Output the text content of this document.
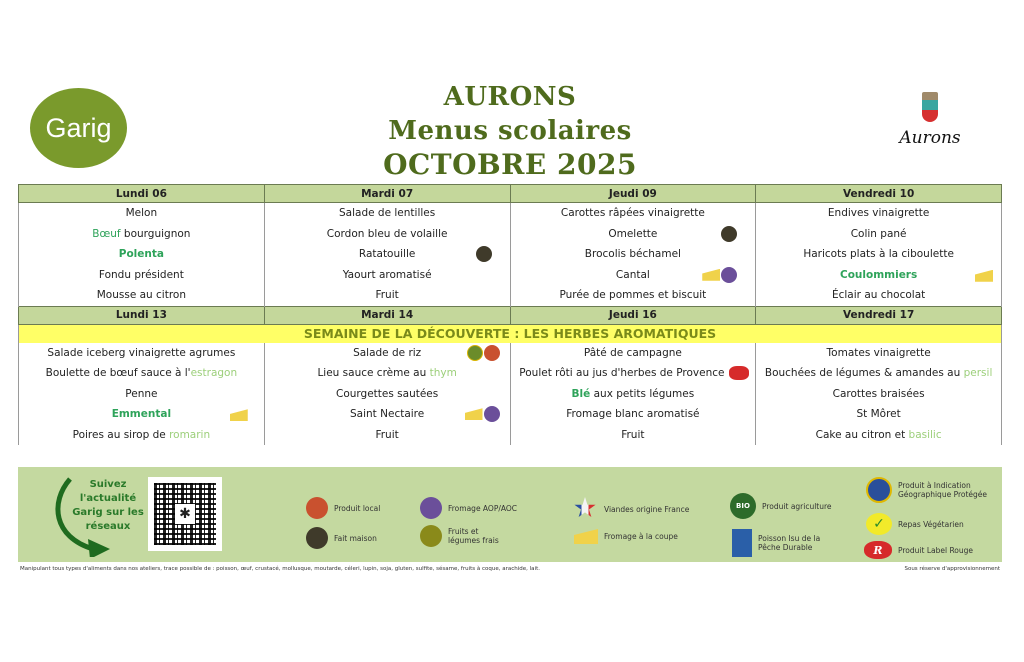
Garig
AURONS
Menus scolaires
OCTOBRE 2025
Aurons
Lundi 06	Mardi 07	Jeudi 09	Vendredi 10
Melon	Salade de lentilles	Carottes râpées vinaigrette	Endives vinaigrette
Bœuf bourguignon	Cordon bleu de volaille	Omelette	Colin pané
Polenta	Ratatouille	Brocolis béchamel	Haricots plats à la ciboulette
Fondu président	Yaourt aromatisé	Cantal	Coulommiers

Mousse au citron	Fruit	Purée de pommes et biscuit	Éclair au chocolat
Lundi 13	Mardi 14	Jeudi 16	Vendredi 17
SEMAINE DE LA DÉCOUVERTE : LES HERBES AROMATIQUES			
Salade iceberg vinaigrette agrumes	Salade de riz	Pâté de campagne	Tomates vinaigrette
Boulette de bœuf sauce à l'estragon	Lieu sauce crème au thym	Poulet rôti au jus d'herbes de Provence	Bouchées de légumes & amandes au persil
Penne	Courgettes sautées	Blé aux petits légumes	Carottes braisées
Emmental	Saint Nectaire	Fromage blanc aromatisé	St Môret
Poires au sirop de romarin	Fruit	Fruit	Cake au citron et basilic
Suivez
l'actualité
Garig sur les
réseaux
✱	Produit local
Fait maison
Fromage AOP/AOC
Fruits et
légumes frais
Viandes origine France
Fromage à la coupe
BIO Produit agriculture
Poisson Isu de la
Pêche Durable
Produit à Indication
Géographique Protégée
✓	Repas Végétarien
R	Produit Label Rouge
Manipulant tous types d'aliments dans nos ateliers, trace possible de : poisson, œuf, crustacé, mollusque, moutarde, céleri, lupin, soja, gluten, sulfite, sésame, fruits à coque, arachide, lait.	Sous réserve d'approvisionnement
